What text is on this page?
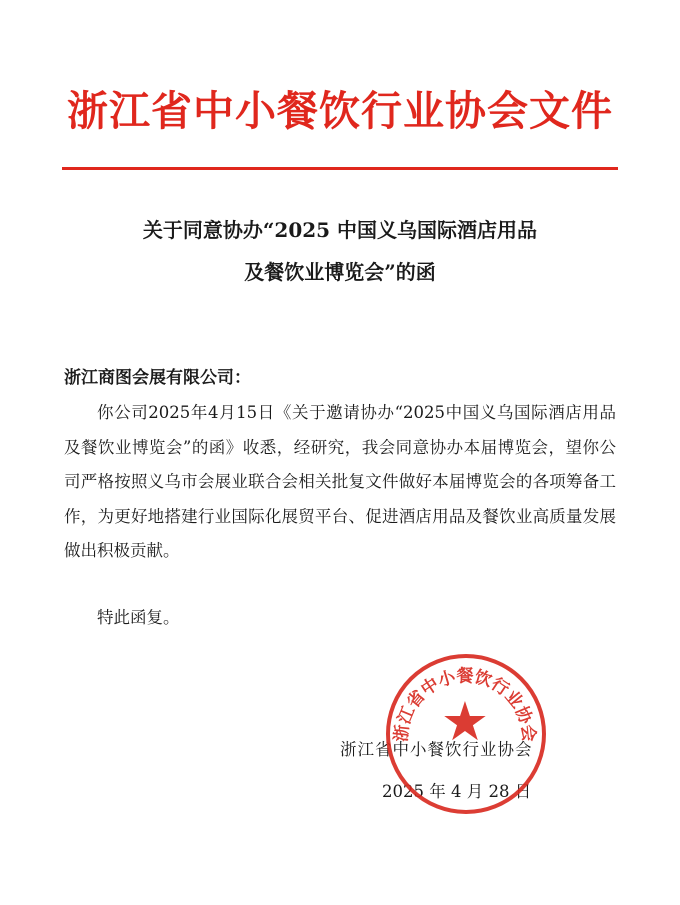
浙江省中小餐饮行业协会文件
关于同意协办“2025 中国义乌国际酒店用品
及餐饮业博览会”的函
浙江商图会展有限公司：
你公司2025年4月15日《关于邀请协办“2025中国义乌国际酒店用品及餐饮业博览会”的函》收悉，经研究，我会同意协办本届博览会，望你公司严格按照义乌市会展业联合会相关批复文件做好本届博览会的各项筹备工作，为更好地搭建行业国际化展贸平台、促进酒店用品及餐饮业高质量发展做出积极贡献。
特此函复。
浙江省中小餐饮行业协会
2025 年 4 月 28 日
★
浙江省中小餐饮行业协会
